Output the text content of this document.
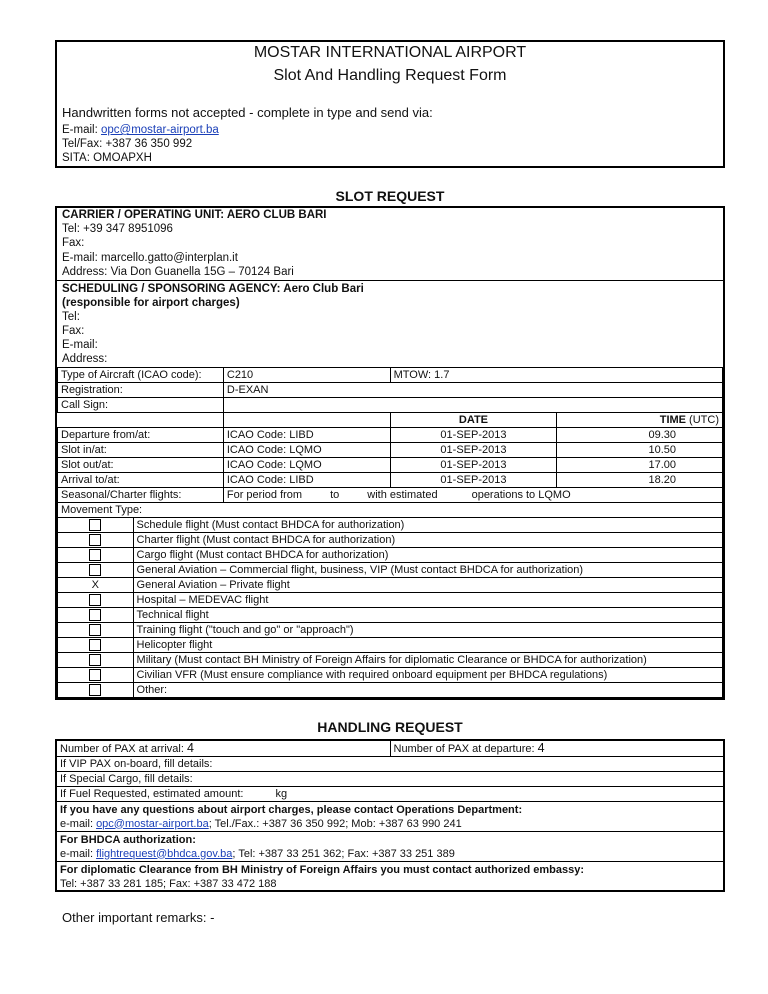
MOSTAR INTERNATIONAL AIRPORT
Slot And Handling Request Form
Handwritten forms not accepted - complete in type and send via:
E-mail: opc@mostar-airport.ba
Tel/Fax: +387 36 350 992
SITA: OMOAPXH
SLOT REQUEST
CARRIER / OPERATING UNIT: AERO CLUB BARI
Tel: +39 347 8951096
Fax:
E-mail: marcello.gatto@interplan.it
Address: Via Don Guanella 15G – 70124 Bari
SCHEDULING / SPONSORING AGENCY: Aero Club Bari
(responsible for airport charges)
Tel:
Fax:
E-mail:
Address:
Type of Aircraft (ICAO code):	C210	MTOW: 1.7	
Registration:	D-EXAN		
Call Sign:			
		DATE	TIME (UTC)
Departure from/at:	ICAO Code: LIBD	01-SEP-2013	09.30
Slot in/at:	ICAO Code: LQMO	01-SEP-2013	10.50
Slot out/at:	ICAO Code: LQMO	01-SEP-2013	17.00
Arrival to/at:	ICAO Code: LIBD	01-SEP-2013	18.20
Seasonal/Charter flights:	For period from to with estimated operations to LQMO		
Movement Type:			
	Schedule flight (Must contact BHDCA for authorization)
	Charter flight (Must contact BHDCA for authorization)
	Cargo flight (Must contact BHDCA for authorization)
	General Aviation – Commercial flight, business, VIP (Must contact BHDCA for authorization)
X	General Aviation – Private flight
	Hospital – MEDEVAC flight
	Technical flight
	Training flight ("touch and go" or "approach")
	Helicopter flight
	Military (Must contact BH Ministry of Foreign Affairs for diplomatic Clearance or BHDCA for authorization)
	Civilian VFR (Must ensure compliance with required onboard equipment per BHDCA regulations)
	Other:
HANDLING REQUEST
Number of PAX at arrival: 4	Number of PAX at departure: 4
If VIP PAX on-board, fill details:
If Special Cargo, fill details:
If Fuel Requested, estimated amount:	kg

If you have any questions about airport charges, please contact Operations Department:
e-mail: opc@mostar-airport.ba; Tel./Fax.: +387 36 350 992; Mob: +387 63 990 241

For BHDCA authorization:
e-mail: flightrequest@bhdca.gov.ba; Tel: +387 33 251 362; Fax: +387 33 251 389

For diplomatic Clearance from BH Ministry of Foreign Affairs you must contact authorized embassy:
Tel: +387 33 281 185; Fax: +387 33 472 188
Other important remarks: -
